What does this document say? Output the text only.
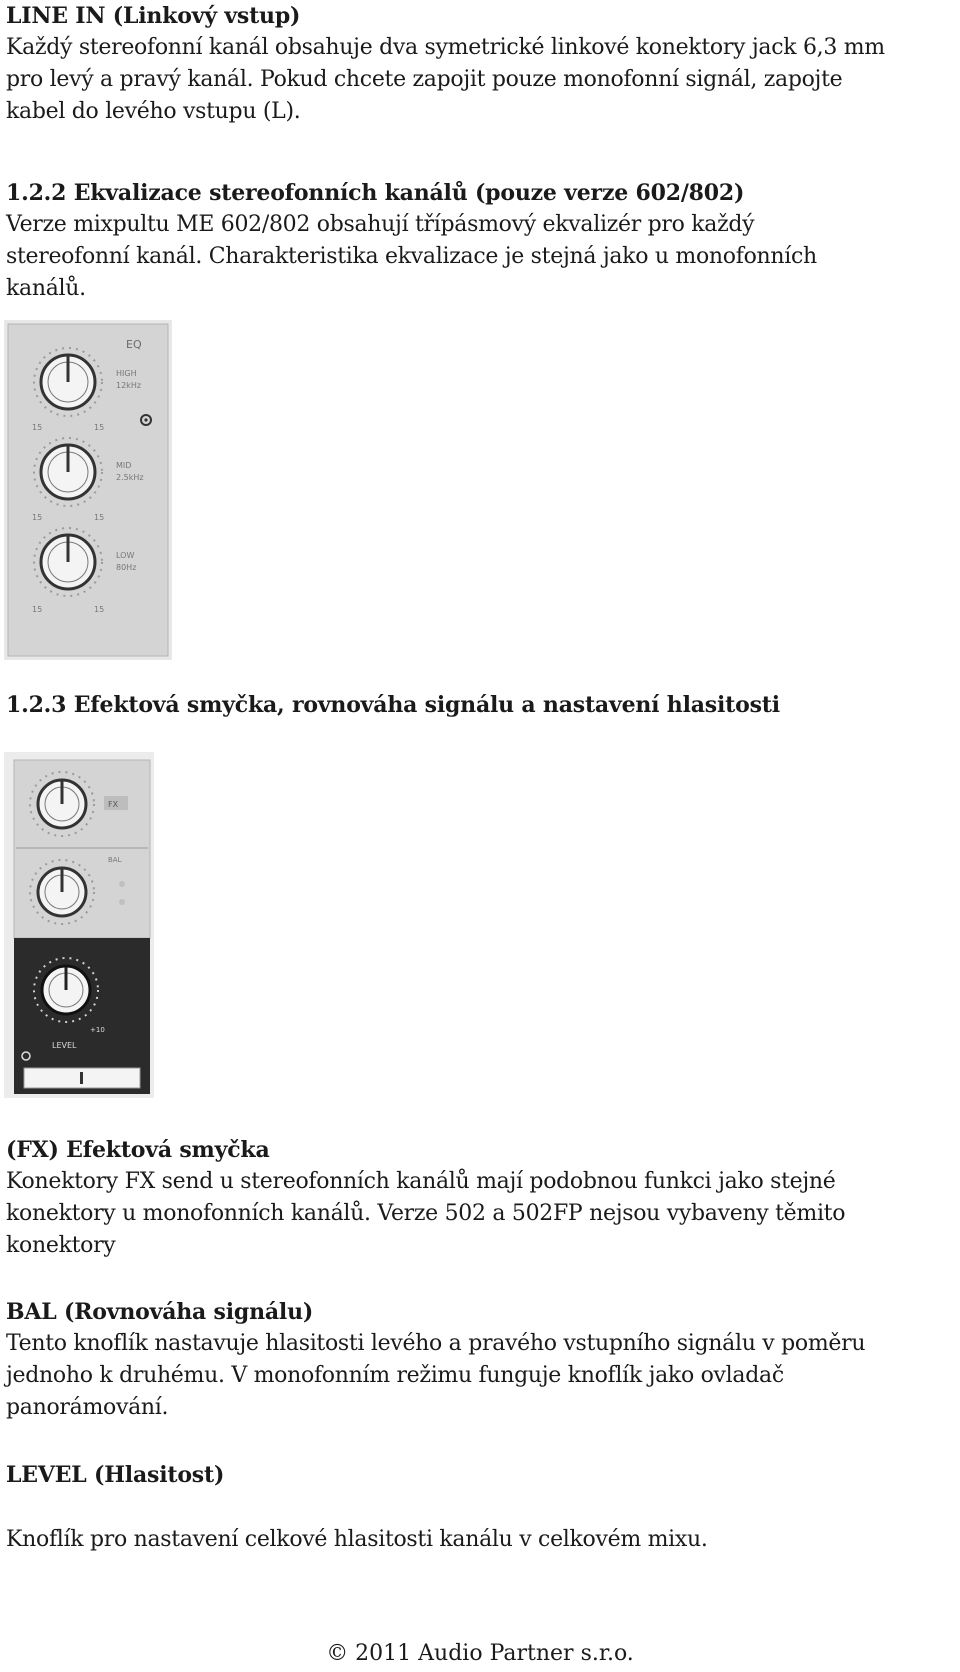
LINE IN (Linkový vstup)
Každý stereofonní kanál obsahuje dva symetrické linkové konektory jack 6,3 mm
pro levý a pravý kanál. Pokud chcete zapojit pouze monofonní signál, zapojte
kabel do levého vstupu (L).
1.2.2 Ekvalizace stereofonních kanálů (pouze verze 602/802)
Verze mixpultu ME 602/802 obsahují třípásmový ekvalizér pro každý
stereofonní kanál. Charakteristika ekvalizace je stejná jako u monofonních
kanálů.
EQ
HIGH
12kHz
15	15
MID
2.5kHz
15	15
LOW
80Hz
15	15
1.2.3 Efektová smyčka, rovnováha signálu a nastavení hlasitosti
FX
BAL
+10
LEVEL
(FX) Efektová smyčka
Konektory FX send u stereofonních kanálů mají podobnou funkci jako stejné
konektory u monofonních kanálů. Verze 502 a 502FP nejsou vybaveny těmito
konektory
BAL (Rovnováha signálu)
Tento knoflík nastavuje hlasitosti levého a pravého vstupního signálu v poměru
jednoho k druhému. V monofonním režimu funguje knoflík jako ovladač
panorámování.
LEVEL (Hlasitost)
Knoflík pro nastavení celkové hlasitosti kanálu v celkovém mixu.
© 2011 Audio Partner s.r.o.
